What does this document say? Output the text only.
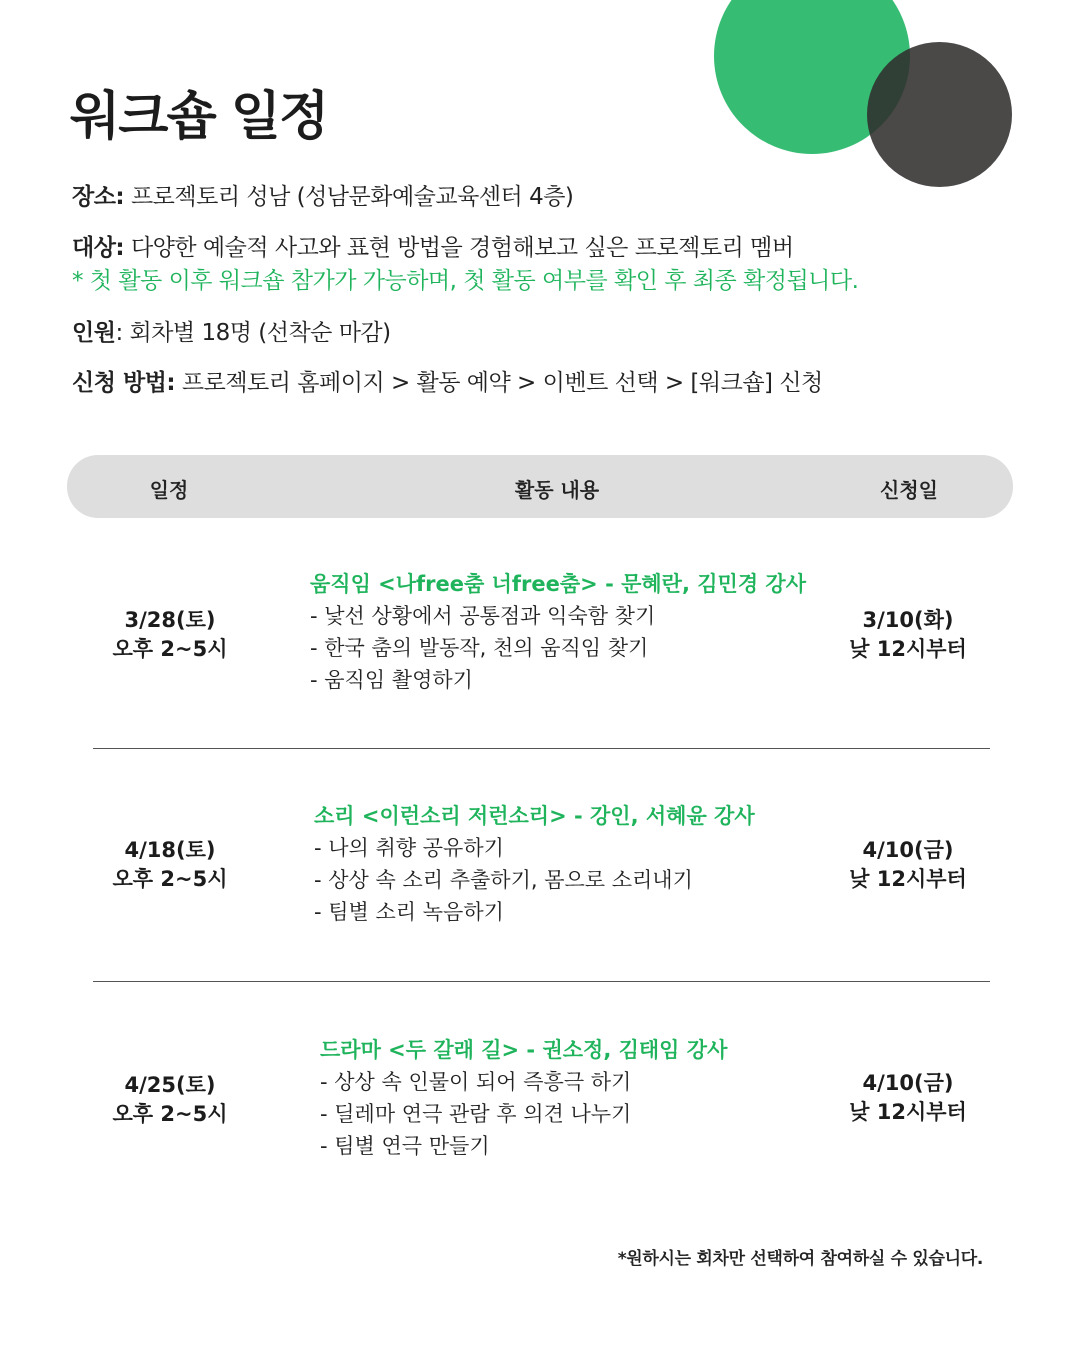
워크숍 일정
장소: 프로젝토리 성남 (성남문화예술교육센터 4층)
대상: 다양한 예술적 사고와 표현 방법을 경험해보고 싶은 프로젝토리 멤버
* 첫 활동 이후 워크숍 참가가 가능하며, 첫 활동 여부를 확인 후 최종 확정됩니다.
인원: 회차별 18명 (선착순 마감)
신청 방법: 프로젝토리 홈페이지 > 활동 예약 > 이벤트 선택 > [워크숍] 신청
일정	활동 내용	신청일
3/28(토)
오후 2~5시
움직임 <나free춤 너free춤> - 문혜란, 김민경 강사
- 낯선 상황에서 공통점과 익숙함 찾기
- 한국 춤의 발동작, 천의 움직임 찾기
- 움직임 촬영하기
3/10(화)
낮 12시부터
4/18(토)
오후 2~5시
소리 <이런소리 저런소리> - 강인, 서혜윤 강사
- 나의 취향 공유하기
- 상상 속 소리 추출하기, 몸으로 소리내기
- 팀별 소리 녹음하기
4/10(금)
낮 12시부터
4/25(토)
오후 2~5시
드라마 <두 갈래 길> - 권소정, 김태임 강사
- 상상 속 인물이 되어 즉흥극 하기
- 딜레마 연극 관람 후 의견 나누기
- 팀별 연극 만들기
4/10(금)
낮 12시부터
*원하시는 회차만 선택하여 참여하실 수 있습니다.
